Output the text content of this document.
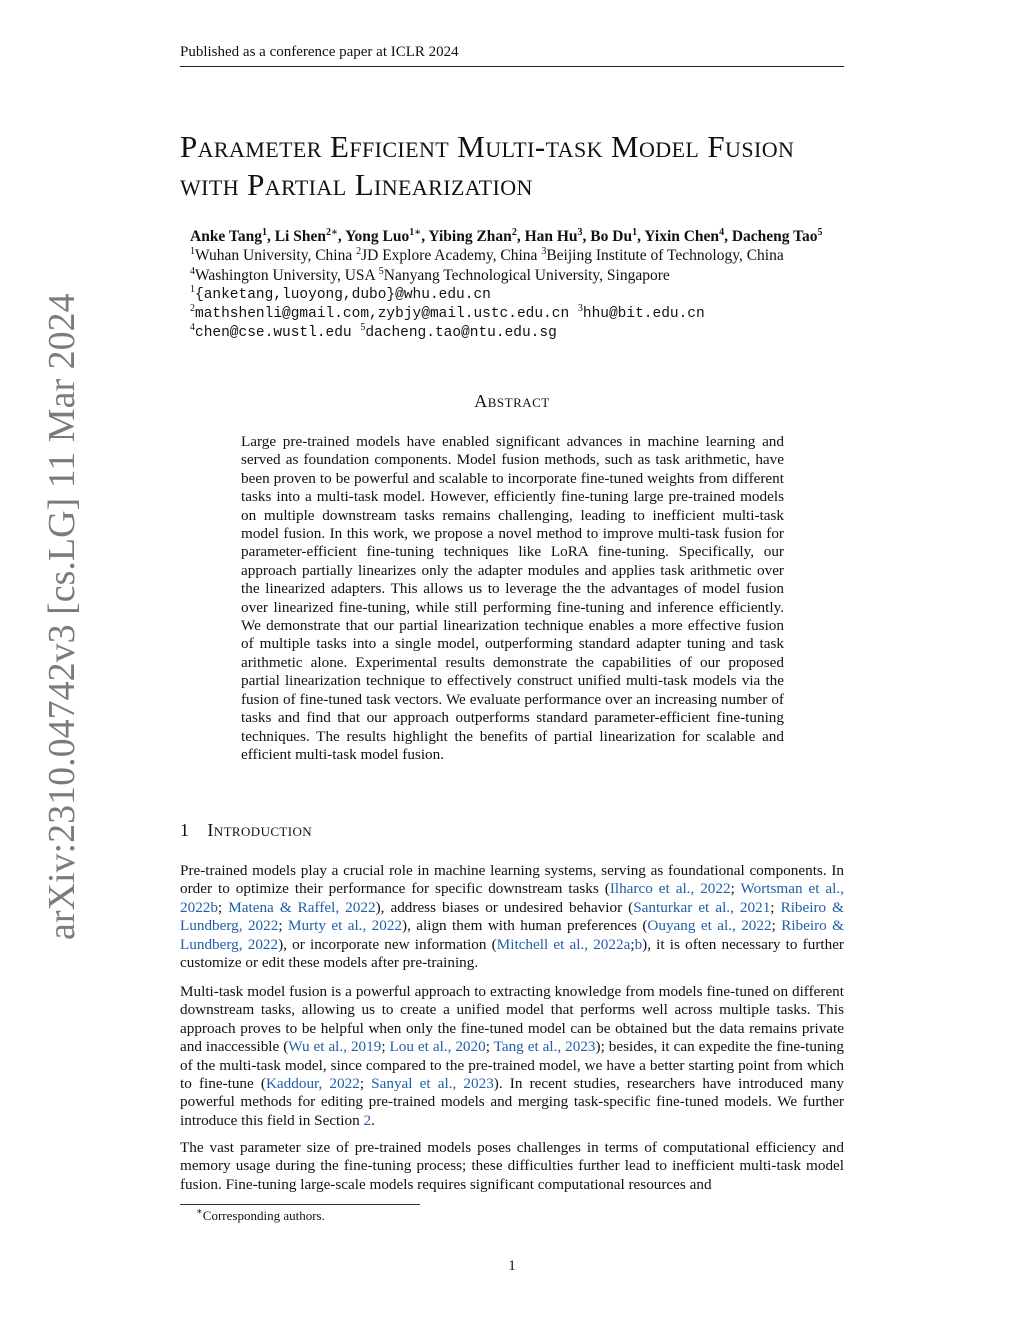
Published as a conference paper at ICLR 2024
arXiv:2310.04742v3 [cs.LG] 11 Mar 2024
Parameter Efficient Multi-task Model Fusion
with Partial Linearization
Anke Tang$^1$, Li Shen$^{2∗}$, Yong Luo$^{1∗}$, Yibing Zhan$^2$, Han Hu$^3$, Bo Du$^1$, Yixin Chen$^4$, Dacheng Tao$^5$
$^1$Wuhan University, China $^2$JD Explore Academy, China $^3$Beijing Institute of Technology, China
$^4$Washington University, USA $^5$Nanyang Technological University, Singapore
$^1${anketang,luoyong,dubo}@whu.edu.cn
$^2$mathshenli@gmail.com,zybjy@mail.ustc.edu.cn $^3$hhu@bit.edu.cn
$^4$chen@cse.wustl.edu $^5$dacheng.tao@ntu.edu.sg
Abstract
Large pre-trained models have enabled significant advances in machine learning and served as foundation components. Model fusion methods, such as task arithmetic, have been proven to be powerful and scalable to incorporate fine-tuned weights from different tasks into a multi-task model. However, efficiently fine-tuning large pre-trained models on multiple downstream tasks remains challenging, leading to inefficient multi-task model fusion. In this work, we propose a novel method to improve multi-task fusion for parameter-efficient fine-tuning techniques like LoRA fine-tuning. Specifically, our approach partially linearizes only the adapter modules and applies task arithmetic over the linearized adapters. This allows us to leverage the the advantages of model fusion over linearized fine-tuning, while still performing fine-tuning and inference efficiently. We demonstrate that our partial linearization technique enables a more effective fusion of multiple tasks into a single model, outperforming standard adapter tuning and task arithmetic alone. Experimental results demonstrate the capabilities of our proposed partial linearization technique to effectively construct unified multi-task models via the fusion of fine-tuned task vectors. We evaluate performance over an increasing number of tasks and find that our approach outperforms standard parameter-efficient fine-tuning techniques. The results highlight the benefits of partial linearization for scalable and efficient multi-task model fusion.
1 Introduction

Pre-trained models play a crucial role in machine learning systems, serving as foundational components. In order to optimize their performance for specific downstream tasks (Ilharco et al., 2022; Wortsman et al., 2022b; Matena & Raffel, 2022), address biases or undesired behavior (Santurkar et al., 2021; Ribeiro & Lundberg, 2022; Murty et al., 2022), align them with human preferences (Ouyang et al., 2022; Ribeiro & Lundberg, 2022), or incorporate new information (Mitchell et al., 2022a;b), it is often necessary to further customize or edit these models after pre-training.

Multi-task model fusion is a powerful approach to extracting knowledge from models fine-tuned on different downstream tasks, allowing us to create a unified model that performs well across multiple tasks. This approach proves to be helpful when only the fine-tuned model can be obtained but the data remains private and inaccessible (Wu et al., 2019; Lou et al., 2020; Tang et al., 2023); besides, it can expedite the fine-tuning of the multi-task model, since compared to the pre-trained model, we have a better starting point from which to fine-tune (Kaddour, 2022; Sanyal et al., 2023). In recent studies, researchers have introduced many powerful methods for editing pre-trained models and merging task-specific fine-tuned models. We further introduce this field in Section 2.

The vast parameter size of pre-trained models poses challenges in terms of computational efficiency and memory usage during the fine-tuning process; these difficulties further lead to inefficient multi-task model fusion. Fine-tuning large-scale models requires significant computational resources and

∗Corresponding authors.
1
